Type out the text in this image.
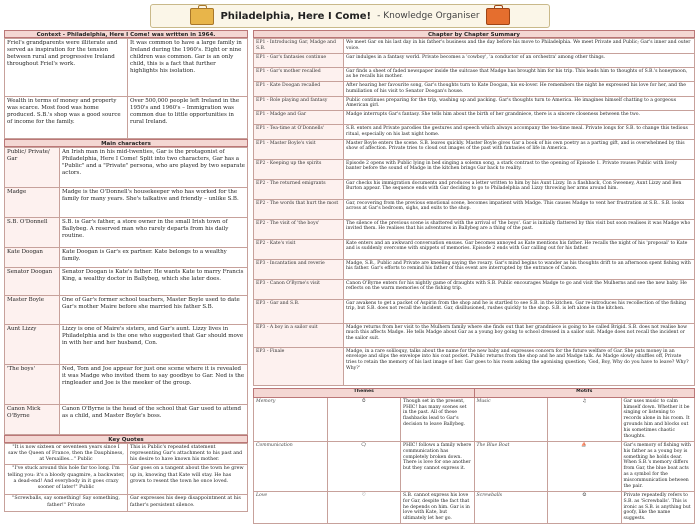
Philadelphia, Here I Come! - Knowledge Organiser
Context - Philadelphia, Here I Come! was written in 1964.
Friel's grandparents were illiterate and served as inspiration for the tension between rural and progressive Ireland throughout Friel's work.	It was common to have a large family in Ireland during the 1960's. Eight or nine children was common. Gar is an only child, this is a fact that further highlights his isolation.
Wealth in terms of money and property was scarce. Most food was home produced. S.B.'s shop was a good source of income for the family.	Over 500,000 people left Ireland in the 1950's and 1960's – Immigration was common due to little opportunities in rural Ireland.
Main characters
Public/ Private/ Gar	An Irish man in his mid-twenties, Gar is the protagonist of Philadelphia, Here I Come! Split into two characters, Gar has a "Public" and a "Private" persona, who are played by two separate actors.
Madge	Madge is the O'Donnell's housekeeper who has worked for the family for many years. She's talkative and friendly – unlike S.B.
S.B. O'Donnell	S.B. is Gar's father, a store owner in the small Irish town of Ballybeg. A reserved man who rarely departs from his daily routine.
Kate Doogan	Kate Doogan is Gar's ex partner. Kate belongs to a wealthy family.
Senator Doogan	Senator Doogan is Kate's father. He wants Kate to marry Francis King, a wealthy doctor in Ballybeg, which she later does.
Master Boyle	One of Gar's former school teachers, Master Boyle used to date Gar's mother Maire before she married his father S.B.
Aunt Lizzy	Lizzy is one of Maire's sisters, and Gar's aunt. Lizzy lives in Philadelphia and is the one who suggested that Gar should move in with her and her husband, Con.
'The boys'	Ned, Tom and Joe appear for just one scene where it is revealed it was Madge who invited them to say goodbye to Gar. Ned is the ringleader and Joe is the meeker of the group.
Canon Mick O'Byrne	Canon O'Byrne is the head of the school that Gar used to attend as a child, and Master Boyle's boss.
Key Quotes
"It is now sixteen or seventeen years since I saw the Queen of France, then the Dauphiness, at Versailles..." Public	This is Public's repeated statement representing Gar's attachment to his past and his desire to have known his mother.
"I've stuck around this hole far too long. I'm telling you: it's a bloody quagmire, a backwater, a dead-end! And everybody in it goes crazy sooner of later!" Public	Gar goes on a tangent about the town he grew up in, knowing that Kate will stay. He has grown to resent the town he once loved.
"Screwballs, say something! Say something, father!" Private	Gar expresses his deep disappointment at his father's persistent silence.
Chapter by Chapter Summary
EP1 - Introducing Gar, Madge and S.B.	We meet Gar on his last day in his father's business and the day before his move to Philadelphia. We meet Private and Public; Gar's inner and outer voice.
EP1 - Gar's fantasies continue	Gar indulges in a fantasy world. Private becomes a 'cowboy', 'a conductor of an orchestra' among other things.
EP1 - Gar's mother recalled	Gar finds a sheet of faded newspaper inside the suitcase that Madge has brought him for his trip. This leads him to thoughts of S.B.'s honeymoon, as he recalls his mother.
EP1 - Kate Doogan recalled	After hearing her favourite song, Gar's thoughts turn to Kate Doogan, his ex-lover. He remembers the night he expressed his love for her, and the humiliation of his visit to Senator Doogan's house.
EP1 - Role playing and fantasy	Public continues preparing for the trip, washing up and packing. Gar's thoughts turn to America. He imagines himself chatting to a gorgeous American girl.
EP1 - Madge and Gar	Madge interrupts Gar's fantasy. She tells him about the birth of her grandniece, there is a sincere closeness between the two.
EP1 - Tea-time at O'Donnells'	S.B. enters and Private parodies the gestures and speech which always accompany the tea-time meal. Private longs for S.B. to change this tedious ritual, especially on his last night home.
EP1 - Master Boyle's visit	Master Boyle enters the scene. S.B. leaves quickly. Master Boyle gives Gar a book of his own poetry as a parting gift, and is overwhelmed by this show of affection. Private tries to cloud out images of the past with fantasies of life in America.
EP2 - Keeping up the spirits	Episode 2 opens with Public lying in bed singing a solemn song, a stark contrast to the opening of Episode 1. Private rouses Public with lively banter before the sound of Madge in the kitchen brings Gar back to reality.
EP2 - The returned emigrants	Gar checks his immigration documents and produces a letter written to him by his Aunt Lizzy. In a flashback, Con Sweeney, Aunt Lizzy and Ben Burton appear. The sequence ends with Gar deciding to go to Philadelphia and Lizzy throwing her arms around him.
EP2 - The words that hurt the most	Gar, recovering from the previous emotional scene, becomes impatient with Madge. This causes Madge to vent her frustration at S.B.. S.B. looks across at Gar's bedroom, sighs, and exits to the shop.
EP2 - The visit of 'the boys'	The silence of the previous scene is shattered with the arrival of 'the boys'. Gar is initially flattered by this visit but soon realises it was Madge who invited them. He realises that his adventures in Ballybeg are a thing of the past.
EP2 - Kate's visit	Kate enters and an awkward conversation ensues. Gar becomes annoyed as Kate mentions his father. He recalls the night of his 'proposal' to Kate and is suddenly overcome with snippets of memories. Episode 2 ends with Gar calling out for his father.
EP3 - Incantation and reverie	Madge, S.B., Public and Private are kneeling saying the rosary. Gar's mind begins to wander as his thoughts drift to an afternoon spent fishing with his father. Gar's efforts to remind his father of this event are interrupted by the entrance of Canon.
EP3 - Canon O'Byrne's visit	Canon O'Byrne enters for his nightly game of draughts with S.B. Public encourages Madge to go and visit the Mulherns and see the new baby. He reflects on the warm memories of the fishing trip.
EP3 - Gar and S.B.	Gar awakens to get a packet of Aspirin from the shop and he is startled to see S.B. in the kitchen. Gar re-introduces his recollection of the fishing trip, but S.B. does not recall the incident. Gar, disillusioned, rushes quickly to the shop. S.B. is left alone in the kitchen.
EP3 - A boy in a sailor suit	Madge returns from her visit to the Mulhern family where she finds out that her grandniece is going to be called Brigid. S.B. does not realise how much this affects Madge. He tells Madge about Gar as a young boy going to school dressed in a sailor suit. Madge does not recall the incident or the sailor suit.
EP3 - Finale	Madge, in a rare soliloquy, talks about the name for the new baby and expresses concern for the future welfare of Gar. She puts money in an envelope and slips the envelope into his coat pocket. Public returns from the shop and he and Madge talk. As Madge slowly shuffles off, Private tries to retain the memory of his last image of her. Gar goes to his room asking the agonising question; 'God, Boy, Why do you have to leave? Why? Why?'
Themes			Motifs		
Memory	⏱	Though set in the present, PHIC! has many scenes set in the past. All of these flashbacks lead to Gar's decision to leave Ballybeg.	Music	♫	Gar uses music to calm himself down. Whether it be singing or listening to records alone in his room. It grounds him and blocks out his sometimes chaotic thoughts.
Communication	🗨	PHIC! follows a family where communication has completely broken down. There is love for one another but they cannot express it.	The Blue Boat	⛵	Gar's memory of fishing with his father as a young boy is something he holds dear. When S.B.'s memory differs from Gar, the blue boat acts as a symbol for the miscommunication between the pair.
Love	♡	S.B. cannot express his love for Gar, despite the fact that he depends on him. Gar is in love with Kate, but ultimately let her go.	Screwballs	☺	Private repeatedly refers to S.B. as 'Screwballs'. This is ironic as S.B. is anything but goofy, like the name suggests.
